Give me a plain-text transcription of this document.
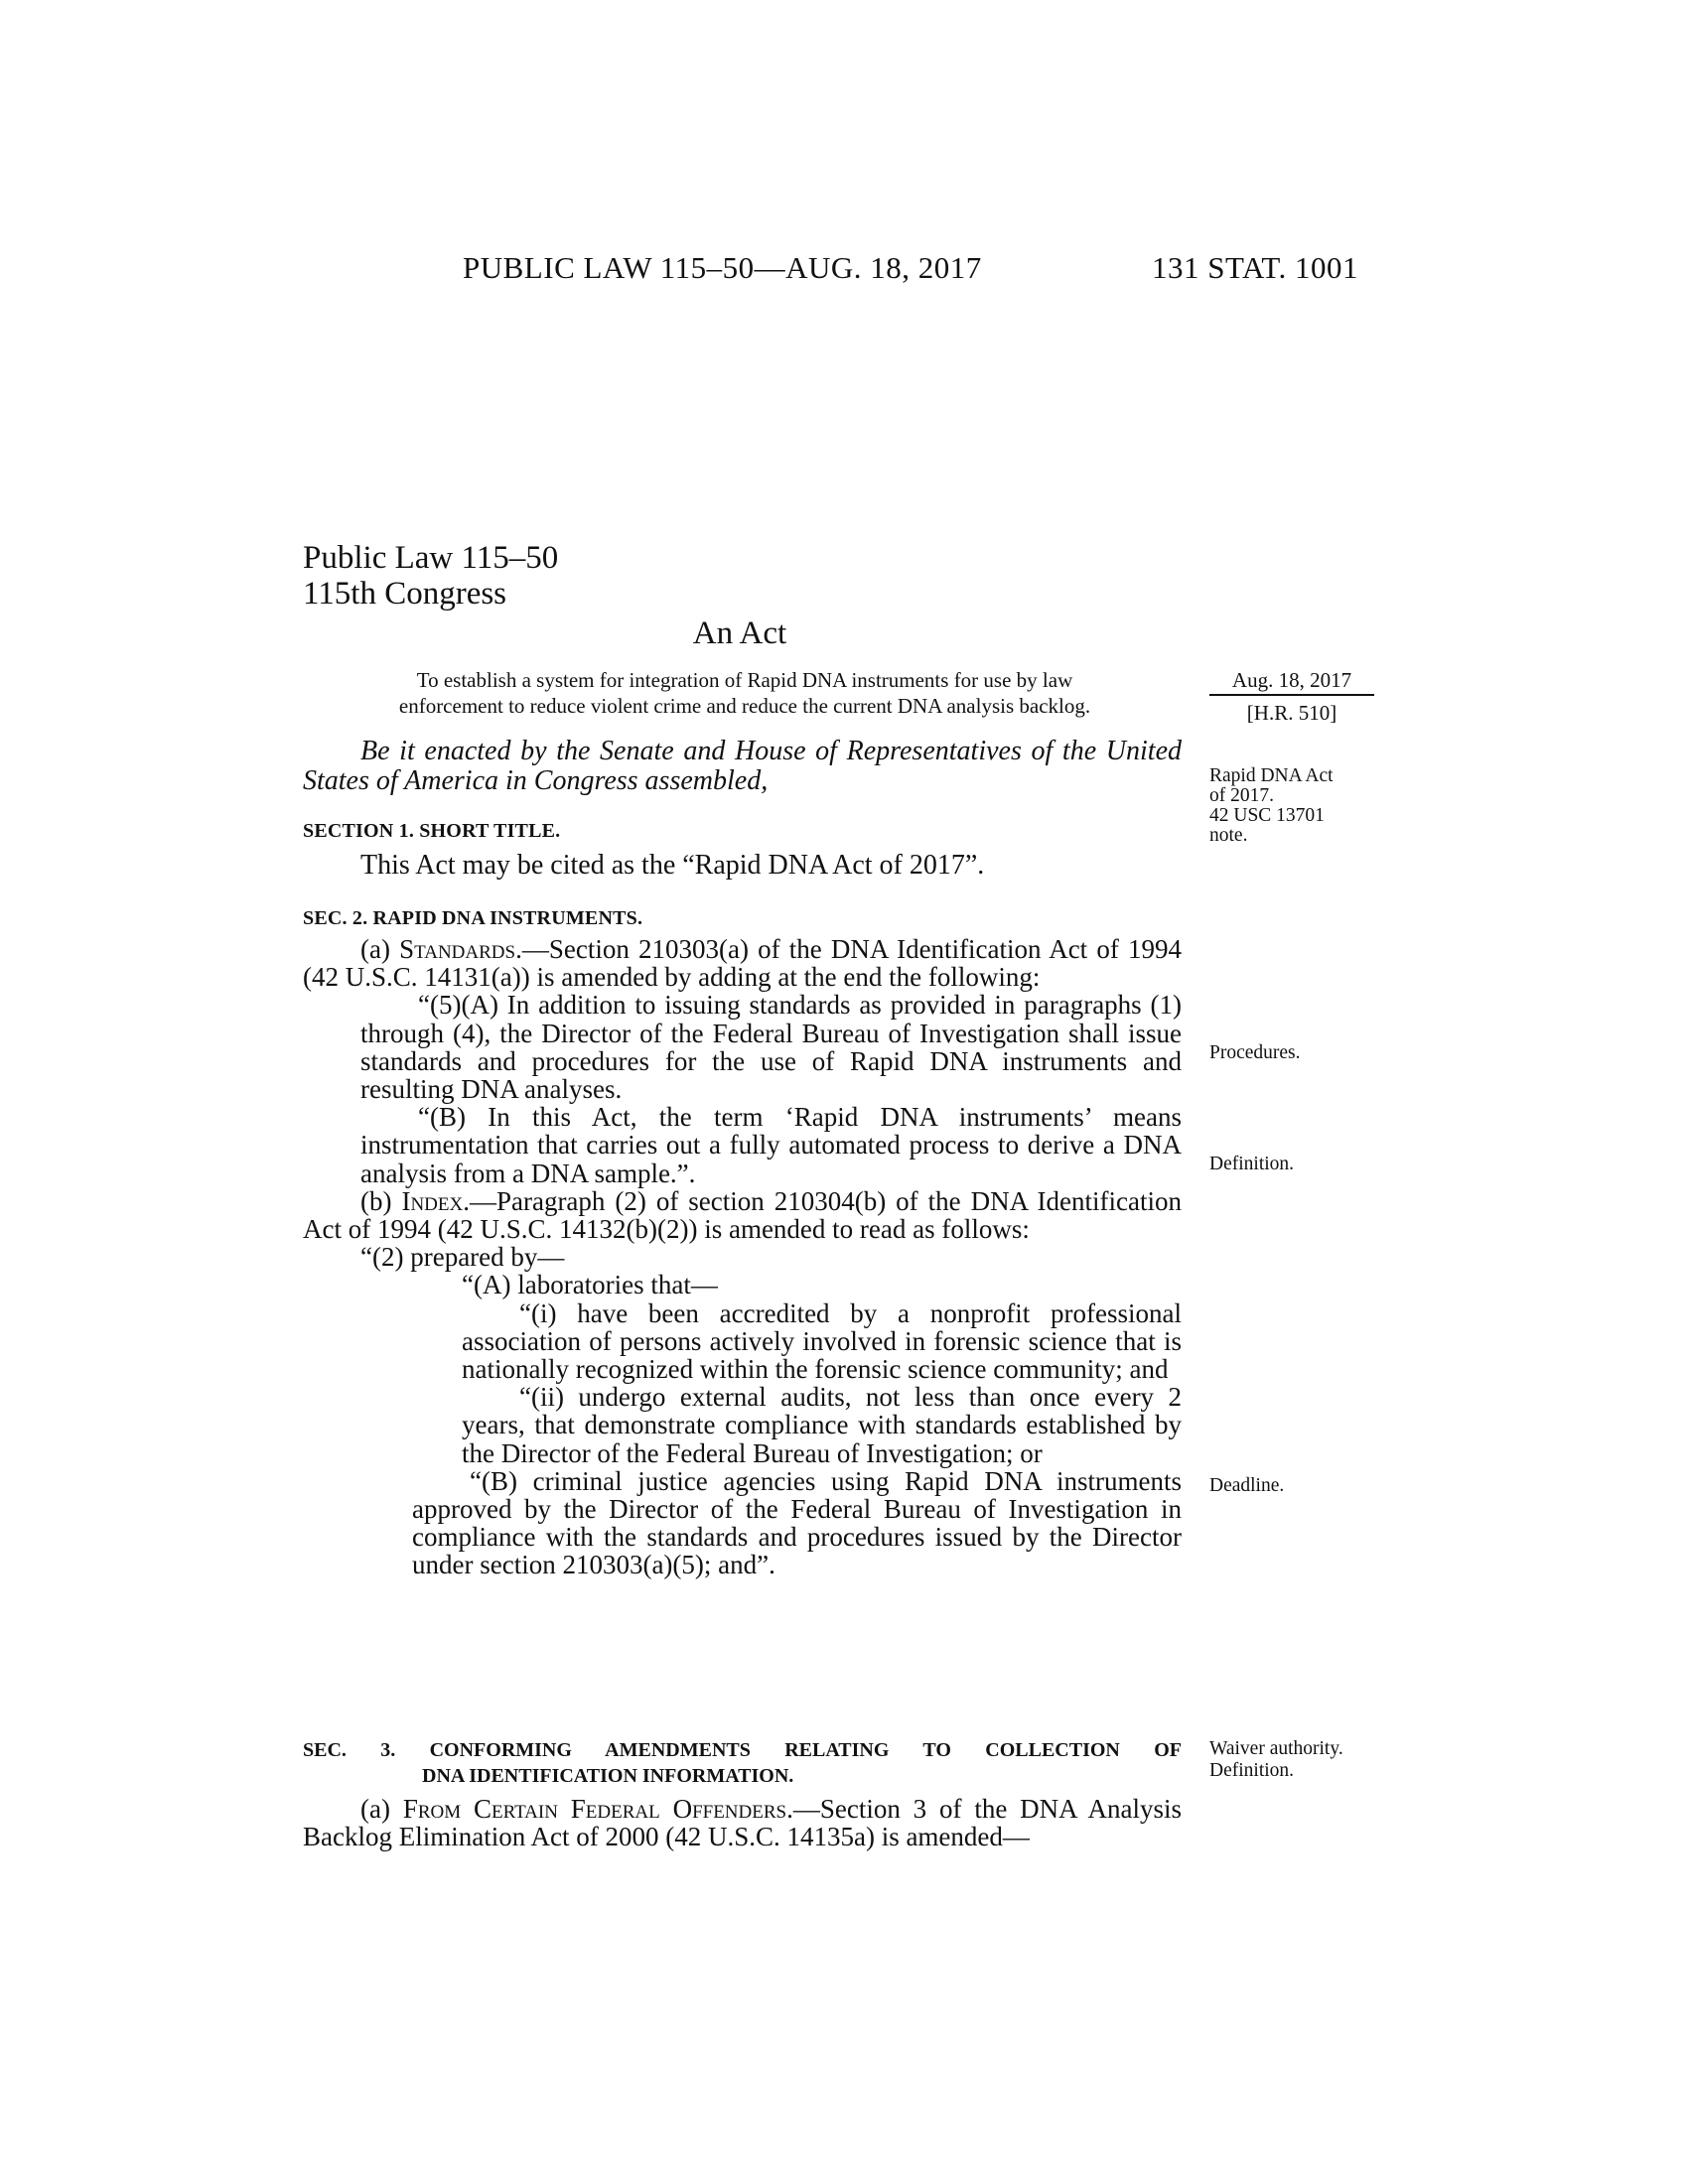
PUBLIC LAW 115–50—AUG. 18, 2017	131 STAT. 1001
Public Law 115–50
115th Congress
An Act
To establish a system for integration of Rapid DNA instruments for use by law
enforcement to reduce violent crime and reduce the current DNA analysis backlog.
Aug. 18, 2017
[H.R. 510]
Rapid DNA Act
of 2017.
42 USC 13701
note.
Procedures.
Definition.
Deadline.
Waiver authority.
Definition.

Be it enacted by the Senate and House of Representatives of the United States of America in Congress assembled,

SECTION 1. SHORT TITLE.

This Act may be cited as the “Rapid DNA Act of 2017”.

SEC. 2. RAPID DNA INSTRUMENTS.

(a) Standards.—Section 210303(a) of the DNA Identification Act of 1994 (42 U.S.C. 14131(a)) is amended by adding at the end the following:

“(5)(A) In addition to issuing standards as provided in paragraphs (1) through (4), the Director of the Federal Bureau of Investigation shall issue standards and procedures for the use of Rapid DNA instruments and resulting DNA analyses.

“(B) In this Act, the term ‘Rapid DNA instruments’ means instrumentation that carries out a fully automated process to derive a DNA analysis from a DNA sample.”.

(b) Index.—Paragraph (2) of section 210304(b) of the DNA Identification Act of 1994 (42 U.S.C. 14132(b)(2)) is amended to read as follows:

“(2) prepared by—

“(A) laboratories that—

“(i) have been accredited by a nonprofit professional association of persons actively involved in forensic science that is nationally recognized within the forensic science community; and

“(ii) undergo external audits, not less than once every 2 years, that demonstrate compliance with standards established by the Director of the Federal Bureau of Investigation; or

“(B) criminal justice agencies using Rapid DNA instruments approved by the Director of the Federal Bureau of Investigation in compliance with the standards and procedures issued by the Director under section 210303(a)(5); and”.

SEC. 3. CONFORMING AMENDMENTS RELATING TO COLLECTION OF
DNA IDENTIFICATION INFORMATION.

(a) From Certain Federal Offenders.—Section 3 of the DNA Analysis Backlog Elimination Act of 2000 (42 U.S.C. 14135a) is amended—
